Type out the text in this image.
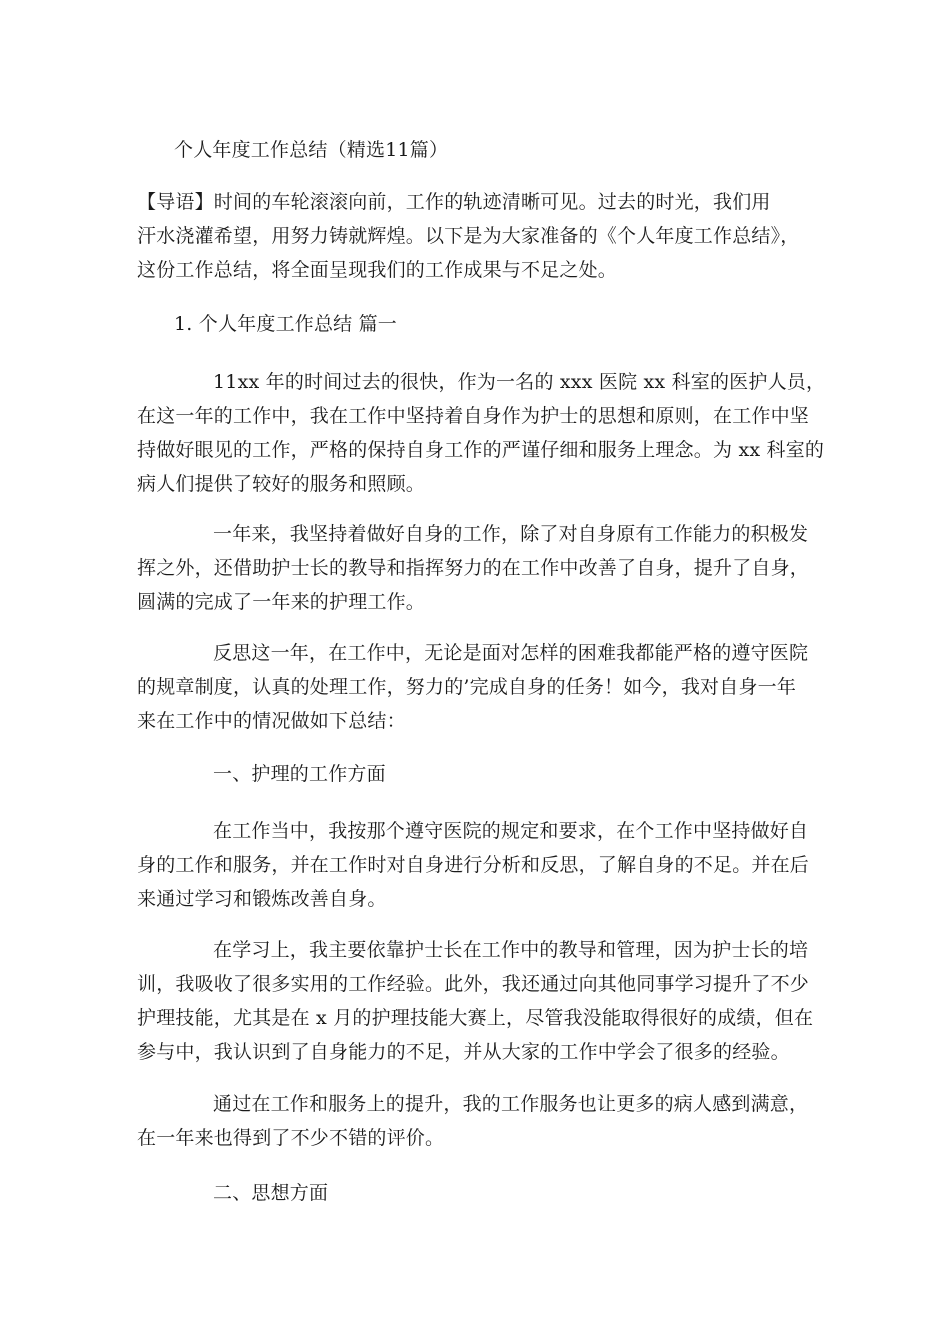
个人年度工作总结（精选11篇）

【导语】时间的车轮滚滚向前，工作的轨迹清晰可见。过去的时光，我们用
汗水浇灌希望，用努力铸就辉煌。以下是为大家准备的《个人年度工作总结》，
这份工作总结，将全面呈现我们的工作成果与不足之处。

1. 个人年度工作总结 篇一

11xx 年的时间过去的很快，作为一名的 xxx 医院 xx 科室的医护人员，
在这一年的工作中，我在工作中坚持着自身作为护士的思想和原则，在工作中坚
持做好眼见的工作，严格的保持自身工作的严谨仔细和服务上理念。为 xx 科室的
病人们提供了较好的服务和照顾。

一年来，我坚持着做好自身的工作，除了对自身原有工作能力的积极发
挥之外，还借助护士长的教导和指挥努力的在工作中改善了自身，提升了自身，
圆满的完成了一年来的护理工作。

反思这一年，在工作中，无论是面对怎样的困难我都能严格的遵守医院
的规章制度，认真的处理工作，努力的’完成自身的任务！如今，我对自身一年
来在工作中的情况做如下总结：

一、护理的工作方面

在工作当中，我按那个遵守医院的规定和要求，在个工作中坚持做好自
身的工作和服务，并在工作时对自身进行分析和反思，了解自身的不足。并在后
来通过学习和锻炼改善自身。

在学习上，我主要依靠护士长在工作中的教导和管理，因为护士长的培
训，我吸收了很多实用的工作经验。此外，我还通过向其他同事学习提升了不少
护理技能，尤其是在 x 月的护理技能大赛上，尽管我没能取得很好的成绩，但在
参与中，我认识到了自身能力的不足，并从大家的工作中学会了很多的经验。

通过在工作和服务上的提升，我的工作服务也让更多的病人感到满意，
在一年来也得到了不少不错的评价。

二、思想方面
